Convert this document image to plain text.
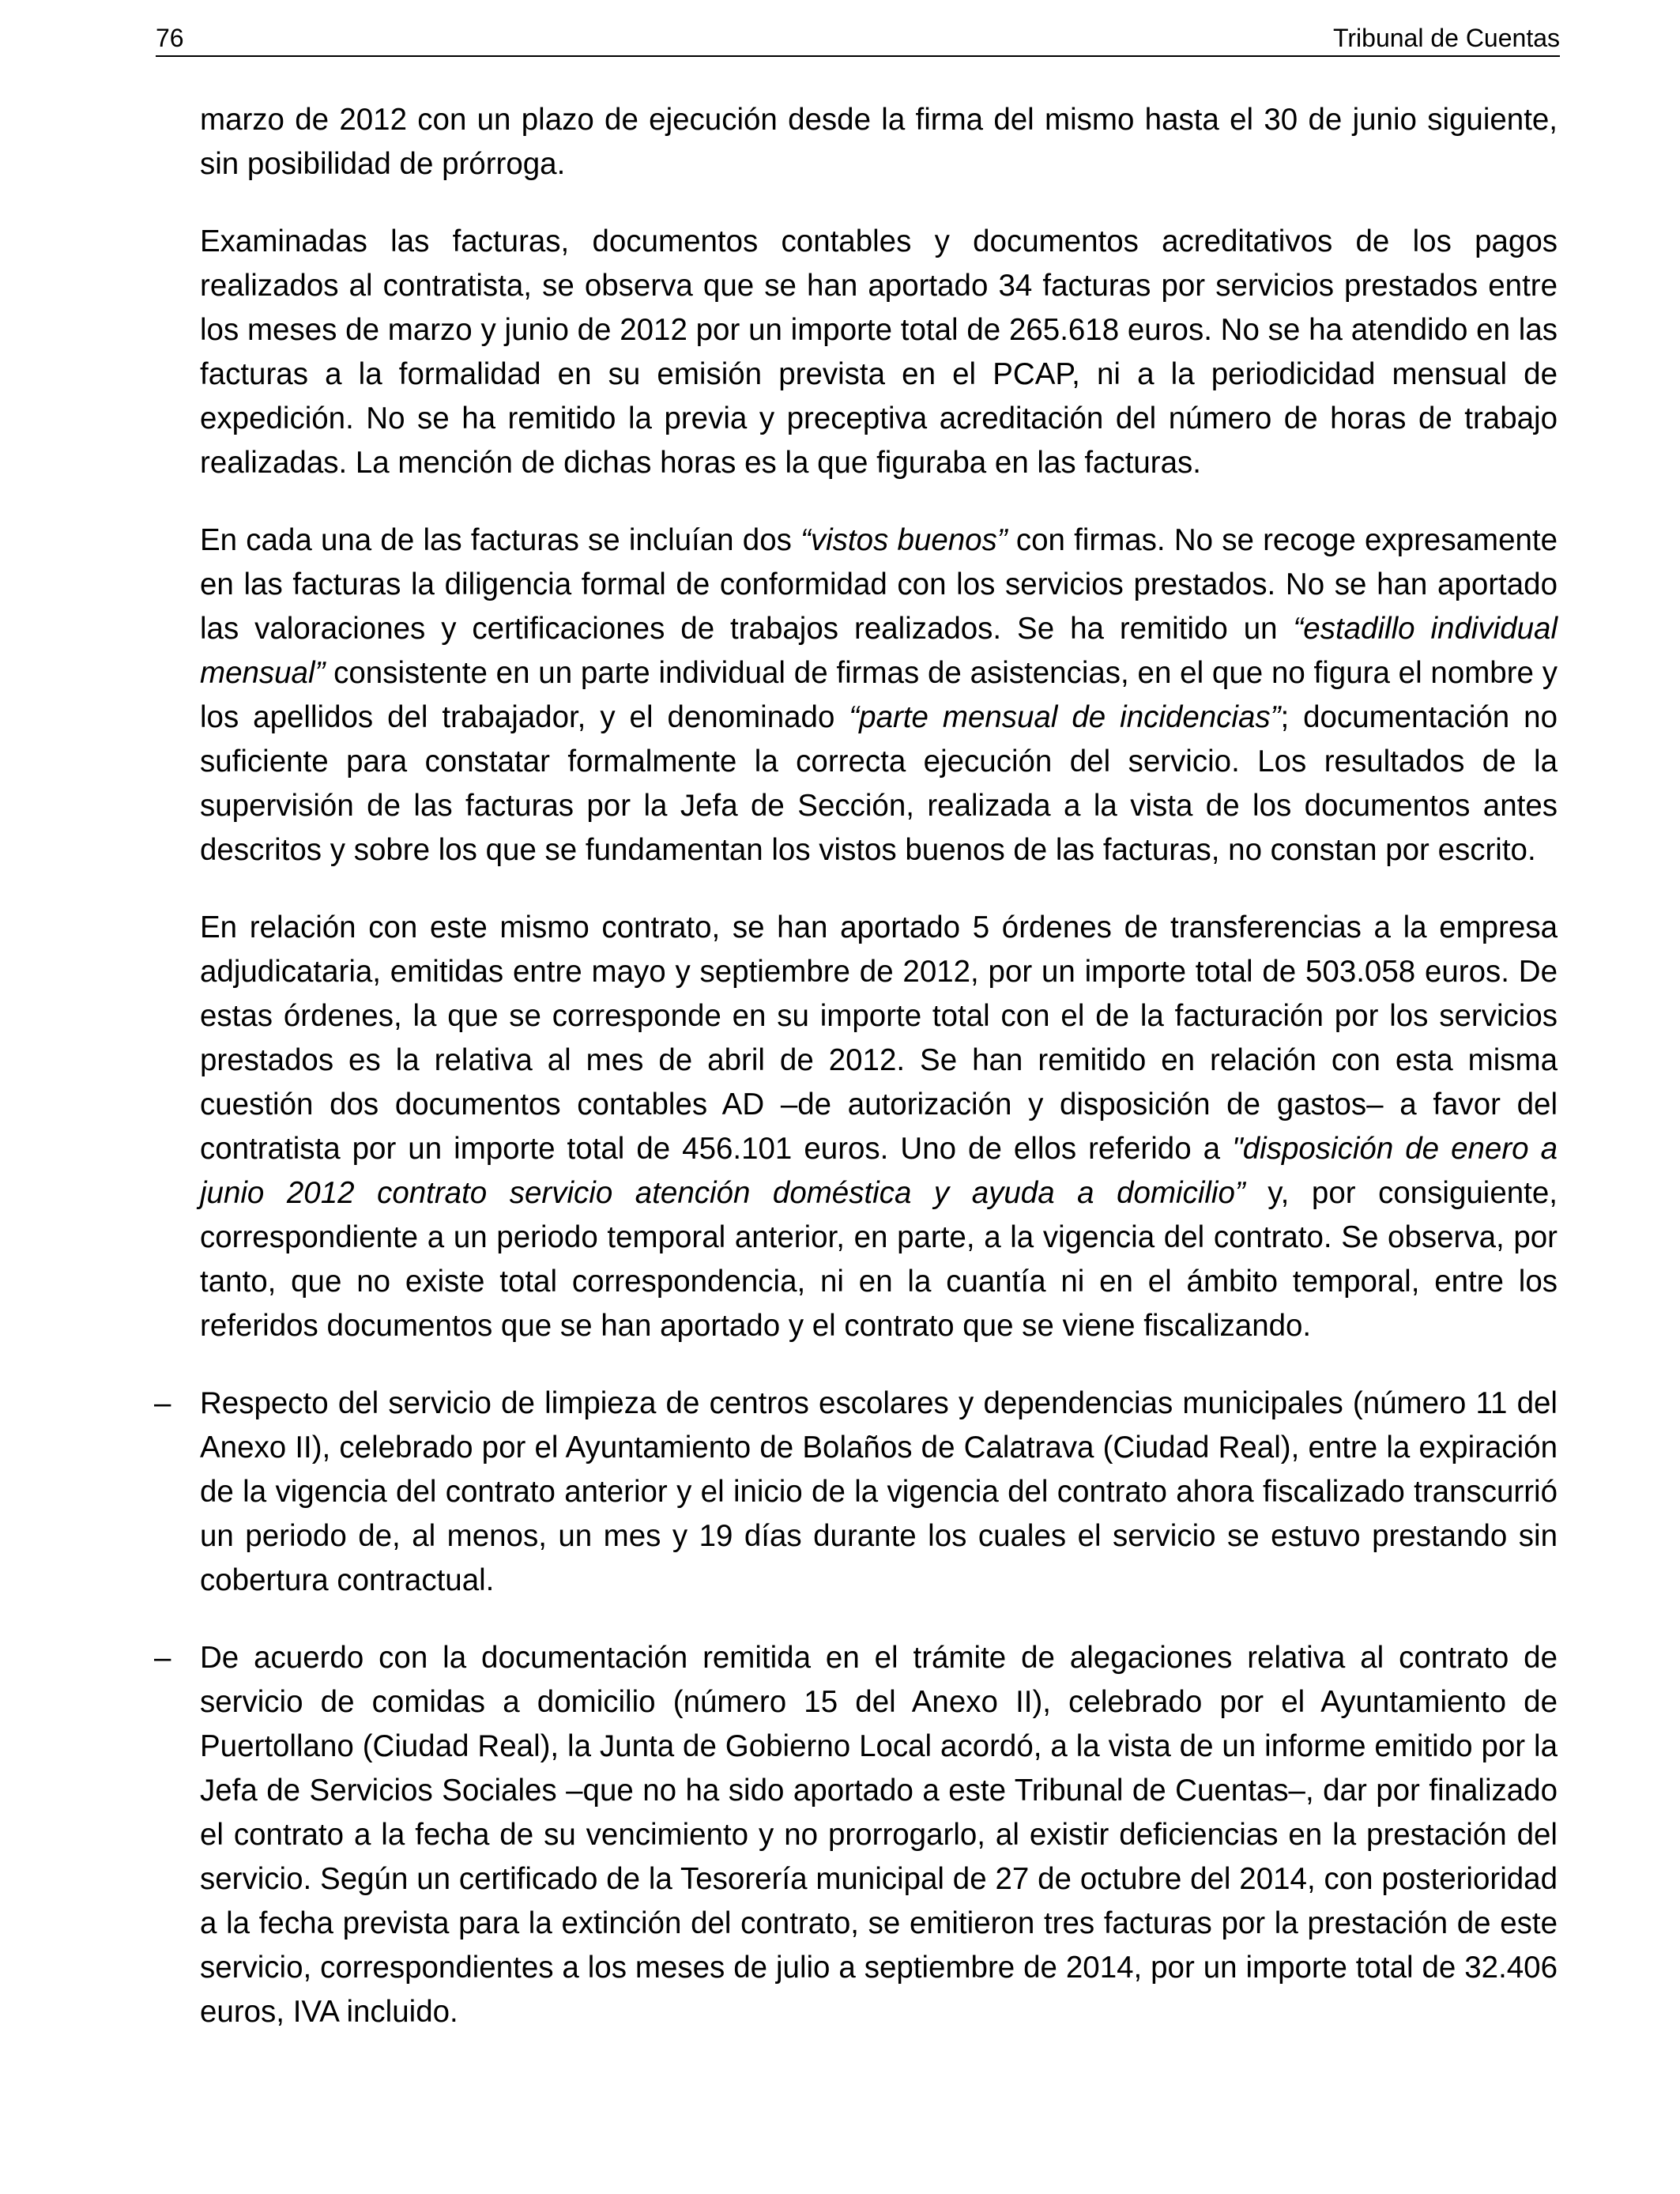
76	Tribunal de Cuentas

marzo de 2012 con un plazo de ejecución desde la firma del mismo hasta el 30 de junio siguiente, sin posibilidad de prórroga.

Examinadas las facturas, documentos contables y documentos acreditativos de los pagos realizados al contratista, se observa que se han aportado 34 facturas por servicios prestados entre los meses de marzo y junio de 2012 por un importe total de 265.618 euros. No se ha atendido en las facturas a la formalidad en su emisión prevista en el PCAP, ni a la periodicidad mensual de expedición. No se ha remitido la previa y preceptiva acreditación del número de horas de trabajo realizadas. La mención de dichas horas es la que figuraba en las facturas.

En cada una de las facturas se incluían dos “vistos buenos” con firmas. No se recoge expresamente en las facturas la diligencia formal de conformidad con los servicios prestados. No se han aportado las valoraciones y certificaciones de trabajos realizados. Se ha remitido un “estadillo individual mensual” consistente en un parte individual de firmas de asistencias, en el que no figura el nombre y los apellidos del trabajador, y el denominado “parte mensual de incidencias”; documentación no suficiente para constatar formalmente la correcta ejecución del servicio. Los resultados de la supervisión de las facturas por la Jefa de Sección, realizada a la vista de los documentos antes descritos y sobre los que se fundamentan los vistos buenos de las facturas, no constan por escrito.

En relación con este mismo contrato, se han aportado 5 órdenes de transferencias a la empresa adjudicataria, emitidas entre mayo y septiembre de 2012, por un importe total de 503.058 euros. De estas órdenes, la que se corresponde en su importe total con el de la facturación por los servicios prestados es la relativa al mes de abril de 2012. Se han remitido en relación con esta misma cuestión dos documentos contables AD –de autorización y disposición de gastos– a favor del contratista por un importe total de 456.101 euros. Uno de ellos referido a "disposición de enero a junio 2012 contrato servicio atención doméstica y ayuda a domicilio” y, por consiguiente, correspondiente a un periodo temporal anterior, en parte, a la vigencia del contrato. Se observa, por tanto, que no existe total correspondencia, ni en la cuantía ni en el ámbito temporal, entre los referidos documentos que se han aportado y el contrato que se viene fiscalizando.

– Respecto del servicio de limpieza de centros escolares y dependencias municipales (número 11 del Anexo II), celebrado por el Ayuntamiento de Bolaños de Calatrava (Ciudad Real), entre la expiración de la vigencia del contrato anterior y el inicio de la vigencia del contrato ahora fiscalizado transcurrió un periodo de, al menos, un mes y 19 días durante los cuales el servicio se estuvo prestando sin cobertura contractual.

– De acuerdo con la documentación remitida en el trámite de alegaciones relativa al contrato de servicio de comidas a domicilio (número 15 del Anexo II), celebrado por el Ayuntamiento de Puertollano (Ciudad Real), la Junta de Gobierno Local acordó, a la vista de un informe emitido por la Jefa de Servicios Sociales –que no ha sido aportado a este Tribunal de Cuentas–, dar por finalizado el contrato a la fecha de su vencimiento y no prorrogarlo, al existir deficiencias en la prestación del servicio. Según un certificado de la Tesorería municipal de 27 de octubre del 2014, con posterioridad a la fecha prevista para la extinción del contrato, se emitieron tres facturas por la prestación de este servicio, correspondientes a los meses de julio a septiembre de 2014, por un importe total de 32.406 euros, IVA incluido.
